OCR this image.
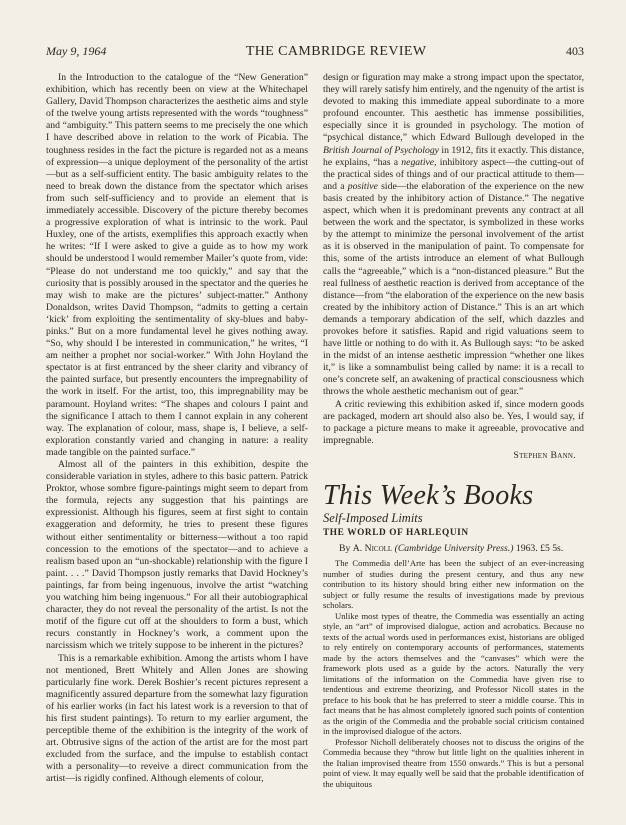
May 9, 1964	THE CAMBRIDGE REVIEW	403

In the Introduction to the catalogue of the “New Generation” exhibition, which has recently been on view at the Whitechapel Gallery, David Thompson characterizes the aesthetic aims and style of the twelve young artists represented with the words “toughness” and “ambiguity.” This pattern seems to me precisely the one which I have described above in relation to the work of Picabia. The toughness resides in the fact the picture is regarded not as a means of expression—a unique deployment of the personality of the artist—but as a self-sufficient entity. The basic ambiguity relates to the need to break down the distance from the spectator which arises from such self-sufficiency and to provide an element that is immediately accessible. Discovery of the picture thereby becomes a progressive exploration of what is intrinsic to the work. Paul Huxley, one of the artists, exemplifies this approach exactly when he writes: “If I were asked to give a guide as to how my work should be understood I would remember Mailer’s quote from, vide: “Please do not understand me too quickly,” and say that the curiosity that is possibly aroused in the spectator and the queries he may wish to make are the pictures’ subject-matter.” Anthony Donaldson, writes David Thompson, “admits to getting a certain ‘kick’ from exploiting the sentimentality of sky-blues and baby-pinks.” But on a more fundamental level he gives nothing away. “So, why should I be interested in communication,” he writes, “I am neither a prophet nor social-worker.” With John Hoyland the spectator is at first entranced by the sheer clarity and vibrancy of the painted surface, but presently encounters the impregnability of the work in itself. For the artist, too, this impregnability may be paramount. Hoyland writes: “The shapes and colours I paint and the significance I attach to them I cannot explain in any coherent way. The explanation of colour, mass, shape is, I believe, a self-exploration constantly varied and changing in nature: a reality made tangible on the painted surface.”

Almost all of the painters in this exhibition, despite the considerable variation in styles, adhere to this basic pattern. Patrick Proktor, whose sombre figure-paintings might seem to depart from the formula, rejects any suggestion that his paintings are expressionist. Although his figures, seem at first sight to contain exaggeration and deformity, he tries to present these figures without either sentimentality or bitterness—without a too rapid concession to the emotions of the spectator—and to achieve a realism based upon an “un-shockable) relationship with the figure I paint. . . .” David Thompson justly remarks that David Hockney’s paintings, far from being ingenuous, involve the artist “watching you watching him being ingenuous.” For all their autobiographical character, they do not reveal the personality of the artist. Is not the motif of the figure cut off at the shoulders to form a bust, which recurs constantly in Hockney’s work, a comment upon the narcissism which we tritely suppose to be inherent in the pictures?

This is a remarkable exhibition. Among the artists whom I have not mentioned, Brett Whitely and Allen Jones are showing particularly fine work. Derek Boshier’s recent pictures represent a magnificently assured departure from the somewhat lazy figuration of his earlier works (in fact his latest work is a reversion to that of his first student paintings). To return to my earlier argument, the perceptible theme of the exhibition is the integrity of the work of art. Obtrusive signs of the action of the artist are for the most part excluded from the surface, and the impulse to establish contact with a personality—to reveive a direct communication from the artist—is rigidly confined. Although elements of colour,

design or figuration may make a strong impact upon the spectator, they will rarely satisfy him entirely, and the ngenuity of the artist is devoted to making this immediate appeal subordinate to a more profound encounter. This aesthetic has immense possibilities, especially since it is grounded in psychology. The motion of “psychical distance,” which Edward Bullough developed in the British Journal of Psychology in 1912, fits it exactly. This distance, he explains, “has a negative, inhibitory aspect—the cutting-out of the practical sides of things and of our practical attitude to them—and a positive side—the elaboration of the experience on the new basis created by the inhibitory action of Distance.” The negative aspect, which when it is predominant prevents any contract at all between the work and the spectator, is symbolized in these works by the attempt to minimize the personal involvement of the artist as it is observed in the manipulation of paint. To compensate for this, some of the artists introduce an element of what Bullough calls the “agreeable,” which is a “non-distanced pleasure.” But the real fullness of aesthetic reaction is derived from acceptance of the distance—from “the elaboration of the experience on the new basis created by the inhibitory action of Distance.” This is an art which demands a temporary abdication of the self, which dazzles and provokes before it satisfies. Rapid and rigid valuations seem to have little or nothing to do with it. As Bullough says: “to be asked in the midst of an intense aesthetic impression “whether one likes it,” is like a somnambulist being called by name: it is a recall to one’s concrete self, an awakening of practical consciousness which throws the whole aesthetic mechanism out of gear.”

A critic reviewing this exhibition asked if, since modern goods are packaged, modern art should also also be. Yes, I would say, if to package a picture means to make it agreeable, provocative and impregnable.

Stephen Bann.
This Week’s Books
Self-Imposed Limits
THE WORLD OF HARLEQUIN
By A. Nicoll (Cambridge University Press.) 1963. £5 5s.

The Commedia dell’Arte has been the subject of an ever-increasing number of studies during the present century, and thus any new contribution to its history should bring either new information on the subject or fully resume the results of investigations made by previous scholars.

Unlike most types of theatre, the Commedia was essentially an acting style, an “art” of improvised dialogue, action and acrobatics. Because no texts of the actual words used in performances exist, historians are obliged to rely entirely on contemporary accounts of performances, statements made by the actors themselves and the “canvases” which were the framework plots used as a guide by the actors. Naturally the very limitations of the information on the Commedia have given rise to tendentious and extreme theorizing, and Professor Nicoll states in the preface to his book that he has preferred to steer a middle course. This in fact means that he has almost completely ignored such points of contention as the origin of the Commedia and the probable social criticism contained in the improvised dialogue of the actors.

Professor Nicholl deliberately chooses not to discuss the origins of the Commedia because they “throw but little light on the qualities inherent in the Italian improvised theatre from 1550 onwards.” This is but a personal point of view. It may equally well be said that the probable identification of the ubiquitous
